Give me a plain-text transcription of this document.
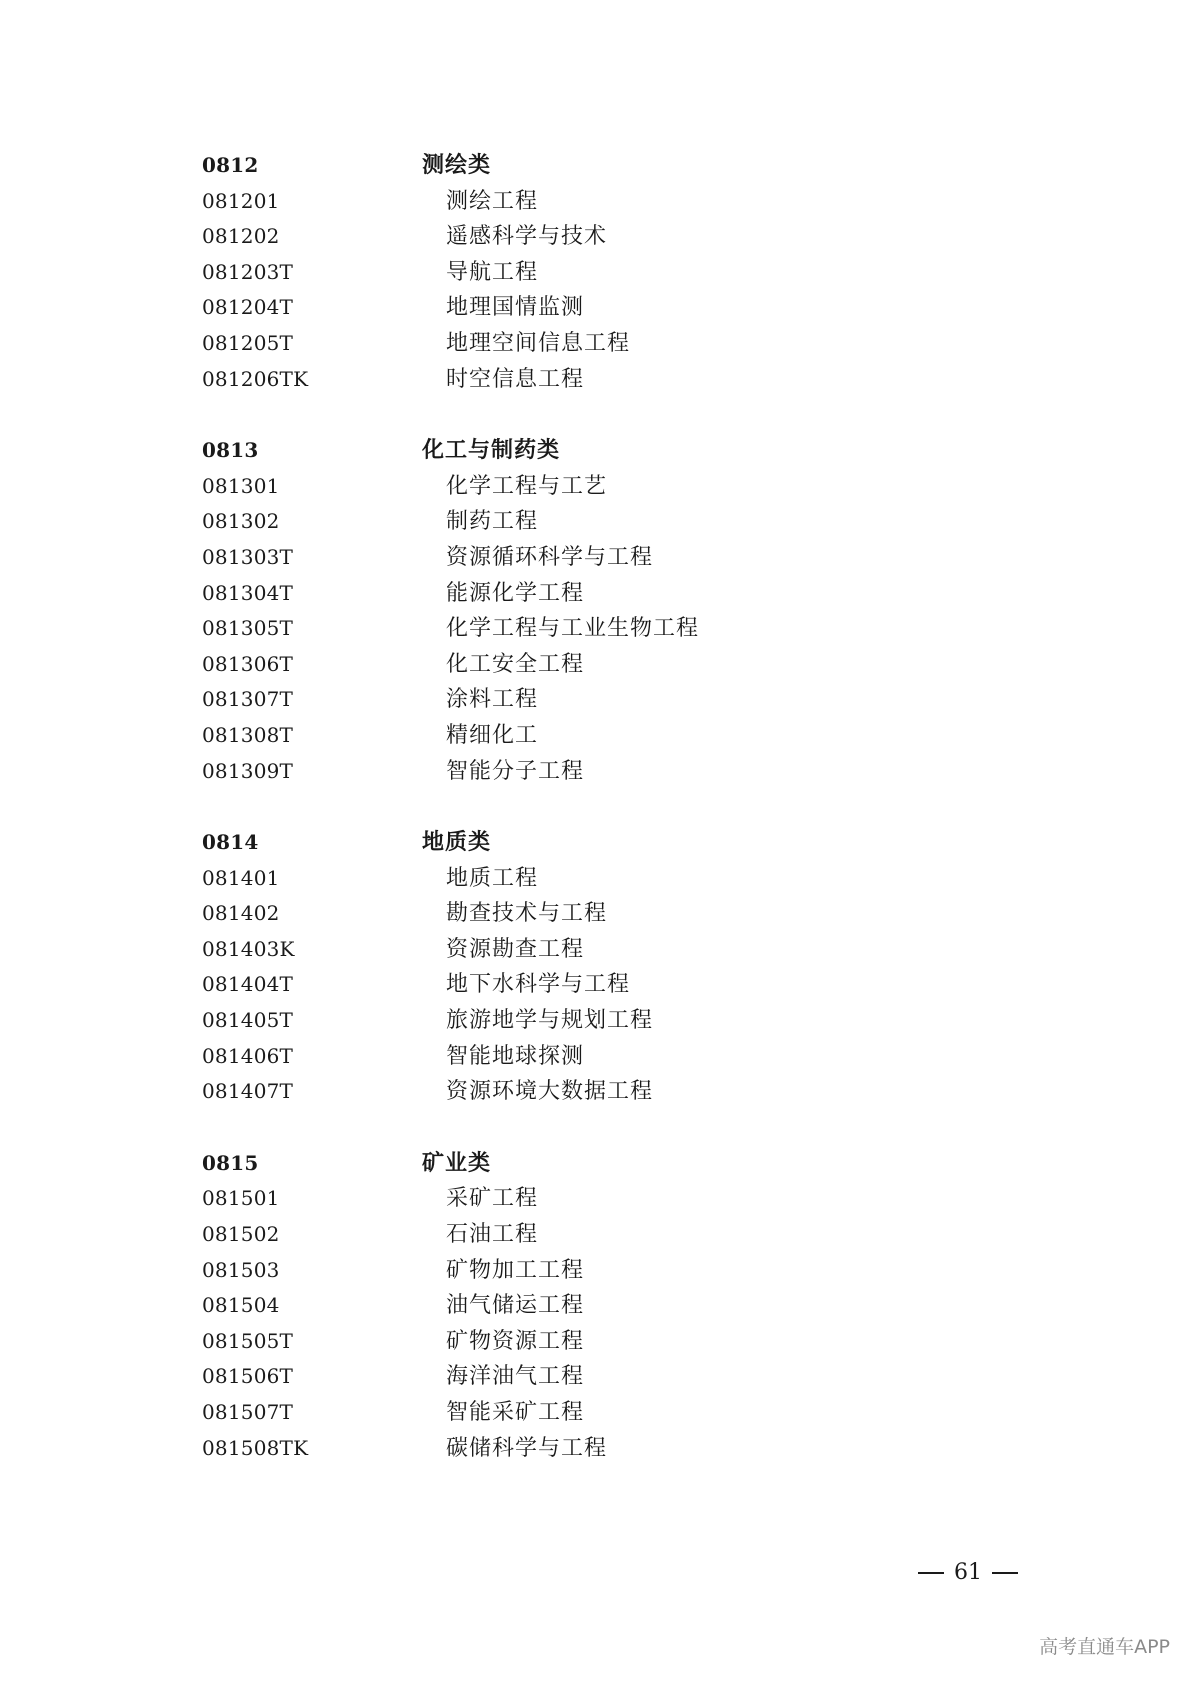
0812	测绘类
081201	测绘工程
081202	遥感科学与技术
081203T	导航工程
081204T	地理国情监测
081205T	地理空间信息工程
081206TK	时空信息工程
0813	化工与制药类
081301	化学工程与工艺
081302	制药工程
081303T	资源循环科学与工程
081304T	能源化学工程
081305T	化学工程与工业生物工程
081306T	化工安全工程
081307T	涂料工程
081308T	精细化工
081309T	智能分子工程
0814	地质类
081401	地质工程
081402	勘查技术与工程
081403K	资源勘查工程
081404T	地下水科学与工程
081405T	旅游地学与规划工程
081406T	智能地球探测
081407T	资源环境大数据工程
0815	矿业类
081501	采矿工程
081502	石油工程
081503	矿物加工工程
081504	油气储运工程
081505T	矿物资源工程
081506T	海洋油气工程
081507T	智能采矿工程
081508TK	碳储科学与工程
61
高考直通车APP
